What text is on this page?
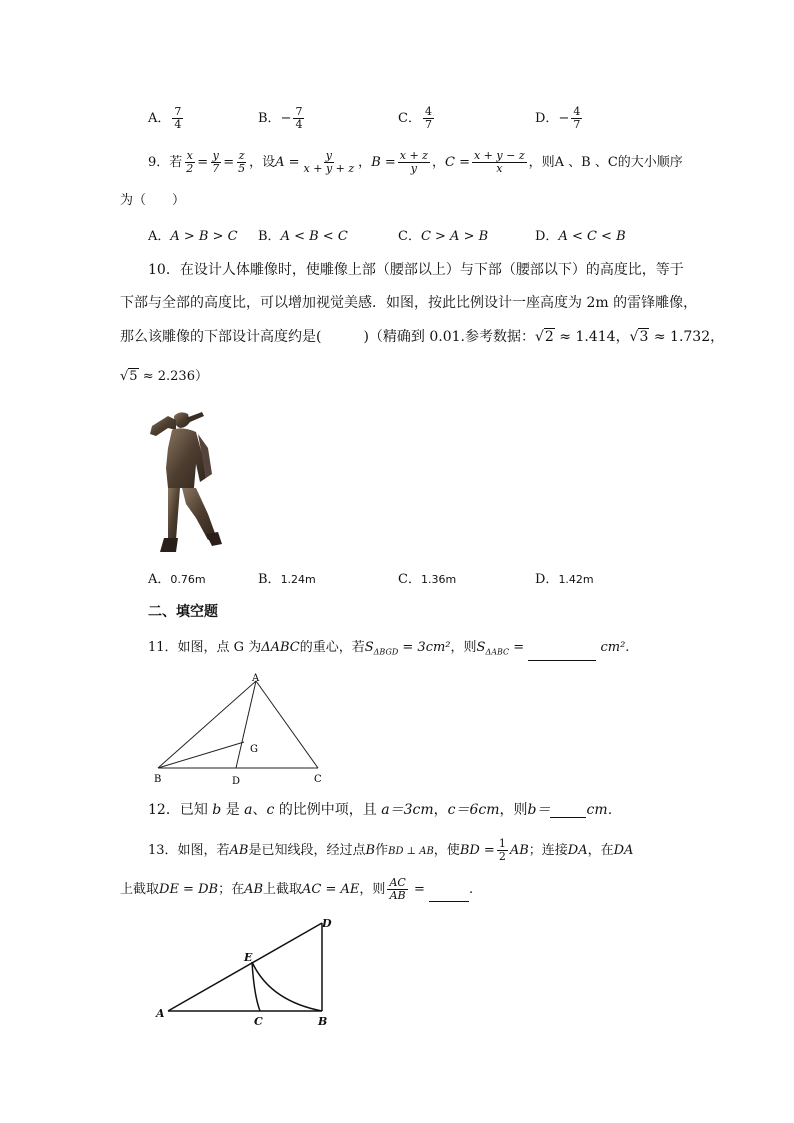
A． $\frac{7}{4}$	B．− $\frac{7}{4}$	C． $\frac{4}{7}$	D．− $\frac{4}{7}$
9．若 $\frac{x}{2} = \frac{y}{7} = \frac{z}{5}$ ，设$A = \frac{y}{x + y + z}$ ，$B = \frac{x + z}{y}$ ，$C = \frac{x + y - z}{x}$ ，则A 、B 、C的大小顺序
为（　　）
A．A > B > C B．A < B < C	C．C > A > B	D．A < C < B
10．在设计人体雕像时，使雕像上部（腰部以上）与下部（腰部以下）的高度比，等于
下部与全部的高度比，可以增加视觉美感．如图，按此比例设计一座高度为 2m 的雷锋雕像，
那么该雕像的下部设计高度约是(　　　)（精确到 0.01.参考数据：√2 ≈ 1.414，√3 ≈ 1.732，
√5 ≈ 2.236）
A．0.76m	B．1.24m	C．1.36m	D．1.42m
二、填空题
11．如图，点 G 为ΔABC的重心，若$S_{\Delta BGD} = 3cm^2$，则$S_{\Delta ABC}$ =	cm².
A
B	C
D
G
12．已知 b 是 a、c 的比例中项，且 a＝3cm，c＝6cm，则b＝	cm．
13．如图，若AB是已知线段，经过点B作BD ⊥ AB，使BD = $\frac{1}{2}$ AB；连接DA，在DA
上截取DE = DB；在AB上截取AC = AE，则 $\frac{AC}{AB}$ =	.
A
C	B
D
E
